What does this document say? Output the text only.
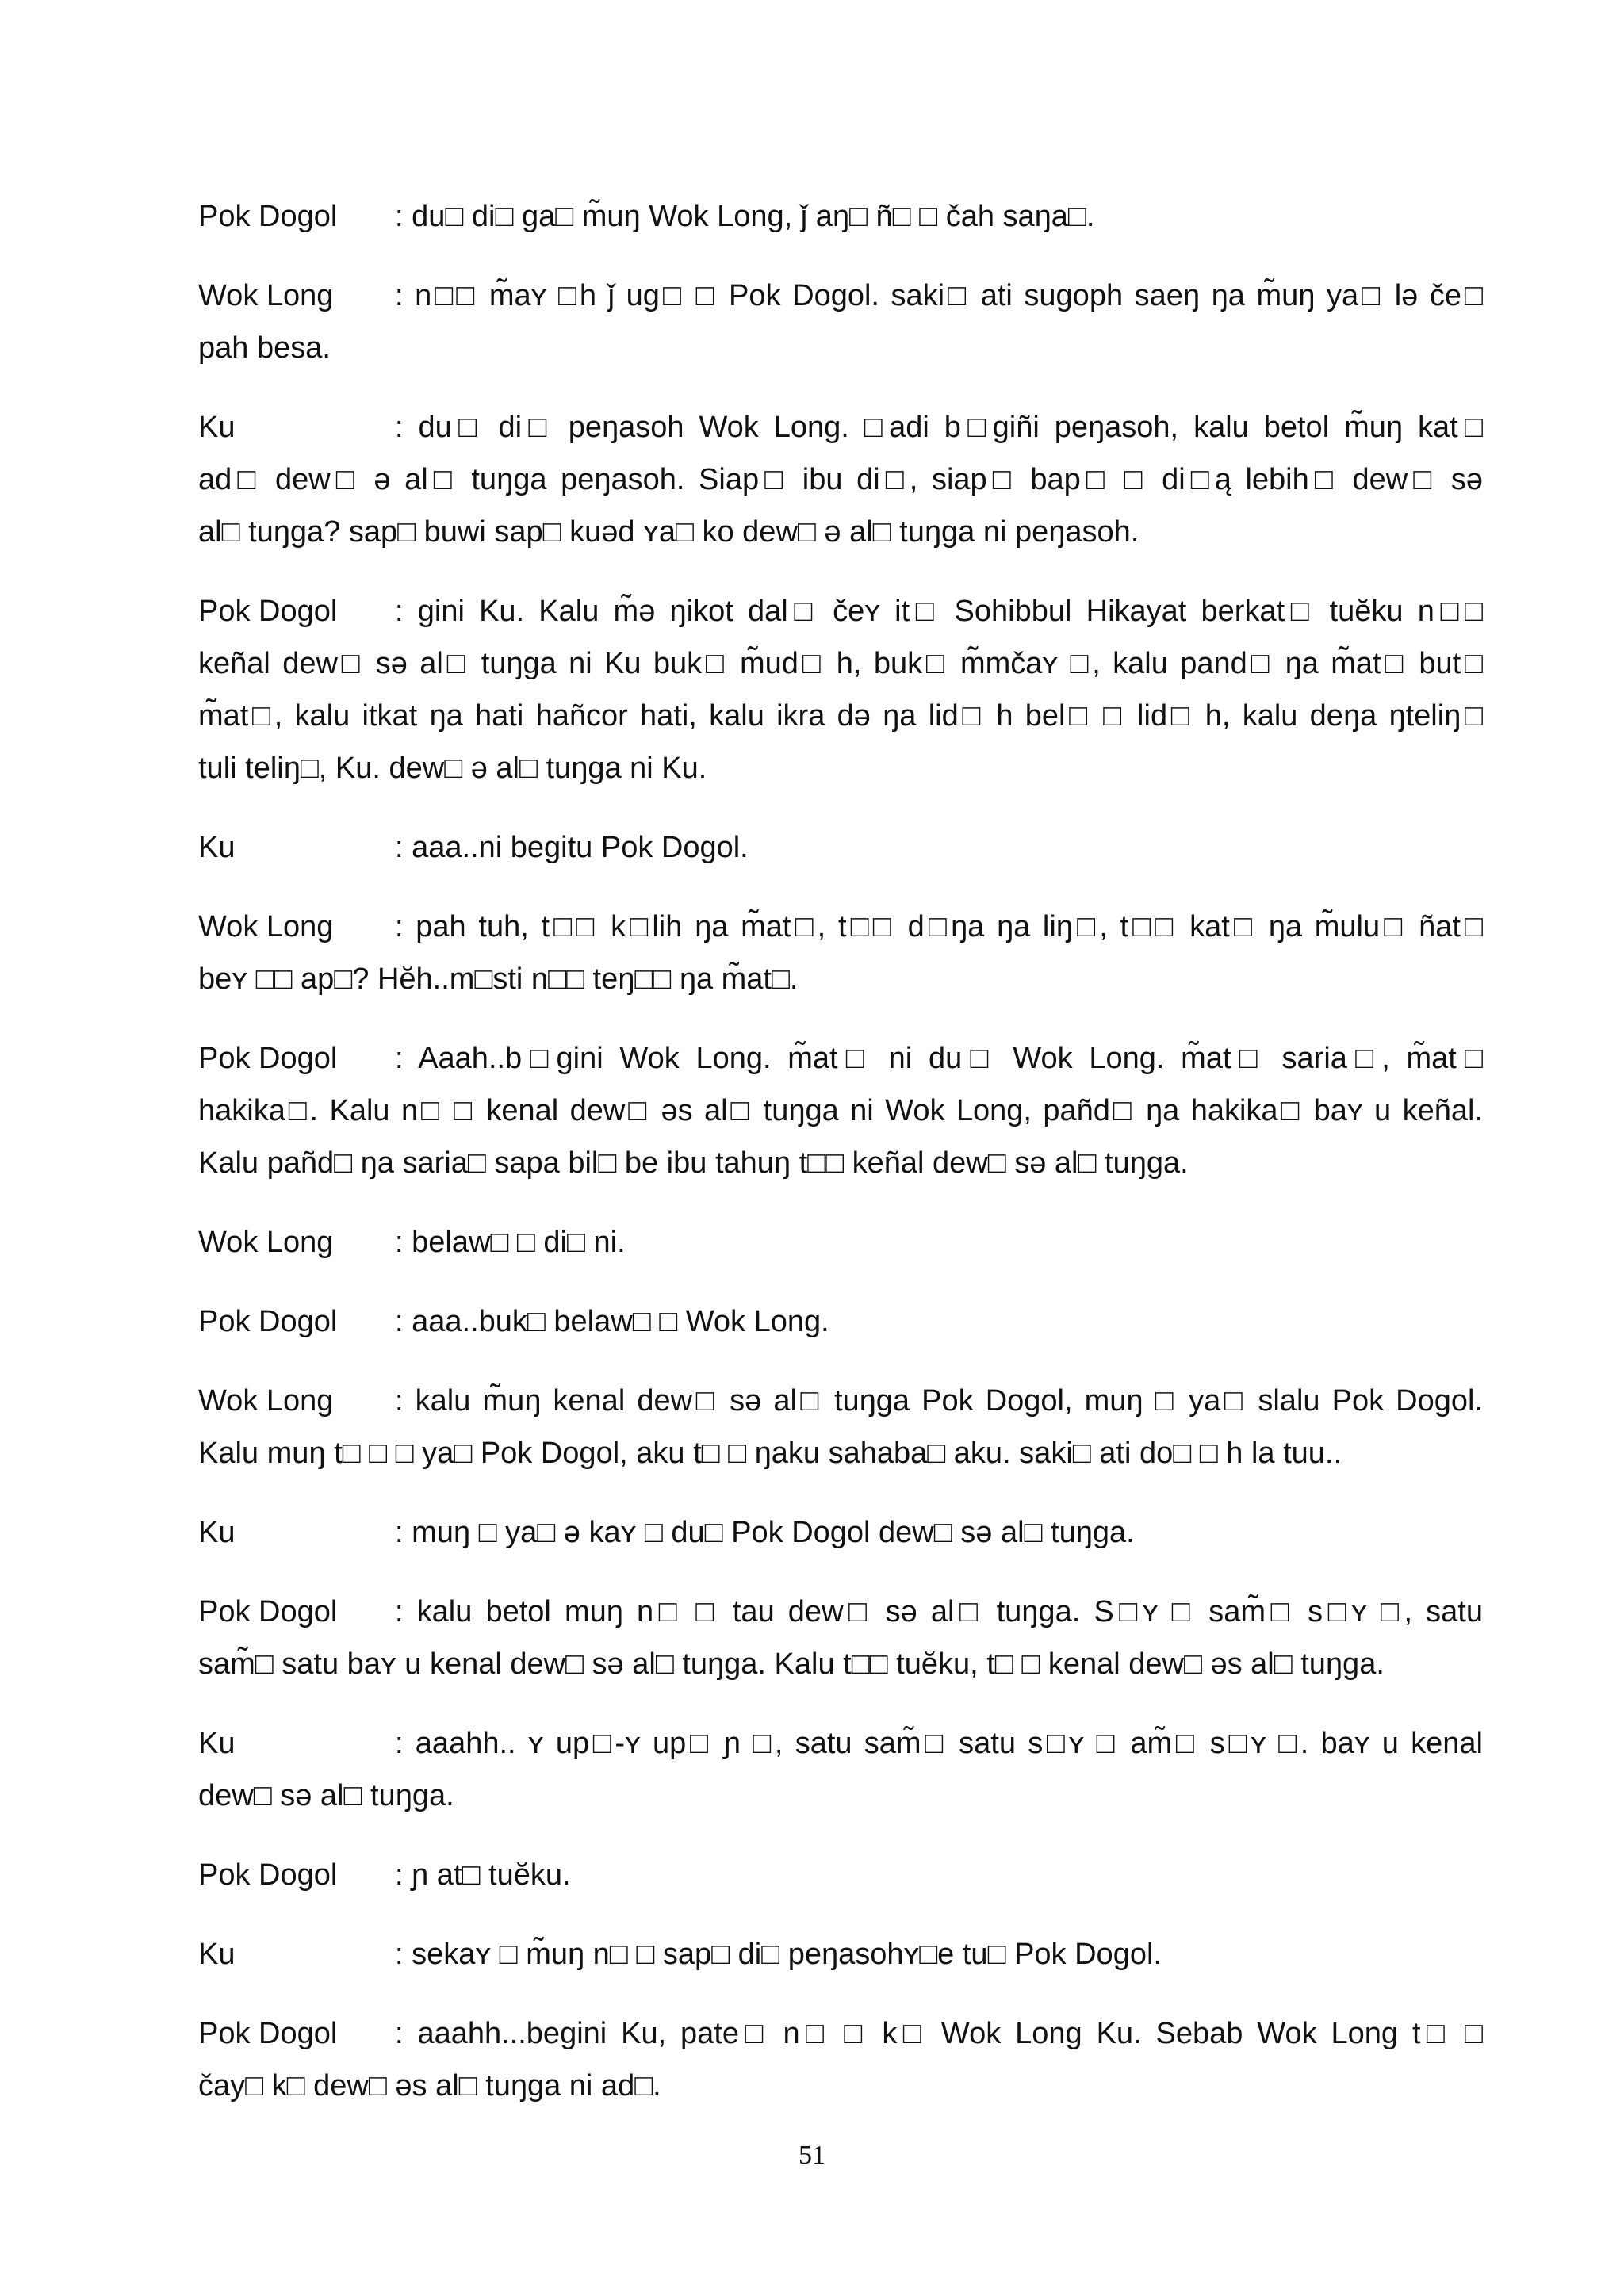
Pok Dogol : du□ di□ ga□ m̃uŋ Wok Long, ǰ aŋ□ ñ□ □ čah saŋa□.
Wok Long : n□□ m̃aʏ □h ǰ ug□ □ Pok Dogol. saki□ ati sugoph saeŋ ŋa m̃uŋ ya□ lə če□
pah besa.
Ku	: du□ di□ peŋasoh Wok Long. □adi b□giñi peŋasoh, kalu betol m̃uŋ kat□
ad□ dew□ ə al□ tuŋga peŋasoh. Siap□ ibu di□, siap□ bap□ □ di□ą lebih□ dew□ sə
al□ tuŋga? sap□ buwi sap□ kuəd ʏa□ ko dew□ ə al□ tuŋga ni peŋasoh.
Pok Dogol : gini Ku. Kalu m̃ə ŋikot dal□ čeʏ it□ Sohibbul Hikayat berkat□ tuĕku n□□
keñal dew□ sə al□ tuŋga ni Ku buk□ m̃ud□ h, buk□ m̃mčaʏ □, kalu pand□ ŋa m̃at□ but□
m̃at□, kalu itkat ŋa hati hañcor hati, kalu ikra də ŋa lid□ h bel□ □ lid□ h, kalu deŋa ŋteliŋ□
tuli teliŋ□, Ku. dew□ ə al□ tuŋga ni Ku.
Ku	: aaa..ni begitu Pok Dogol.
Wok Long : pah tuh, t□□ k□lih ŋa m̃at□, t□□ d□ŋa ŋa liŋ□, t□□ kat□ ŋa m̃ulu□ ñat□
beʏ □□ ap□? Hĕh..m□sti n□□ teŋ□□ ŋa m̃at□.
Pok Dogol : Aaah..b□gini Wok Long. m̃at□ ni du□ Wok Long. m̃at□ saria□, m̃at□
hakika□. Kalu n□ □ kenal dew□ əs al□ tuŋga ni Wok Long, pañd□ ŋa hakika□ baʏ u keñal.
Kalu pañd□ ŋa saria□ sapa bil□ be ibu tahuŋ t□□ keñal dew□ sə al□ tuŋga.
Wok Long : belaw□ □ di□ ni.
Pok Dogol : aaa..buk□ belaw□ □ Wok Long.
Wok Long : kalu m̃uŋ kenal dew□ sə al□ tuŋga Pok Dogol, muŋ □ ya□ slalu Pok Dogol.
Kalu muŋ t□ □ □ ya□ Pok Dogol, aku t□ □ ŋaku sahaba□ aku. saki□ ati do□ □ h la tuu..
Ku	: muŋ □ ya□ ə kaʏ □ du□ Pok Dogol dew□ sə al□ tuŋga.
Pok Dogol : kalu betol muŋ n□ □ tau dew□ sə al□ tuŋga. S□ʏ □ sam̃□ s□ʏ □, satu
sam̃□ satu baʏ u kenal dew□ sə al□ tuŋga. Kalu t□□ tuĕku, t□ □ kenal dew□ əs al□ tuŋga.
Ku	: aaahh.. ʏ up□-ʏ up□ ɲ □, satu sam̃□ satu s□ʏ □ am̃□ s□ʏ □. baʏ u kenal
dew□ sə al□ tuŋga.
Pok Dogol : ɲ at□ tuĕku.
Ku	: sekaʏ □ m̃uŋ n□ □ sap□ di□ peŋasohʏ□e tu□ Pok Dogol.
Pok Dogol : aaahh...begini Ku, pate□ n□ □ k□ Wok Long Ku. Sebab Wok Long t□ □
čay□ k□ dew□ əs al□ tuŋga ni ad□.
51
